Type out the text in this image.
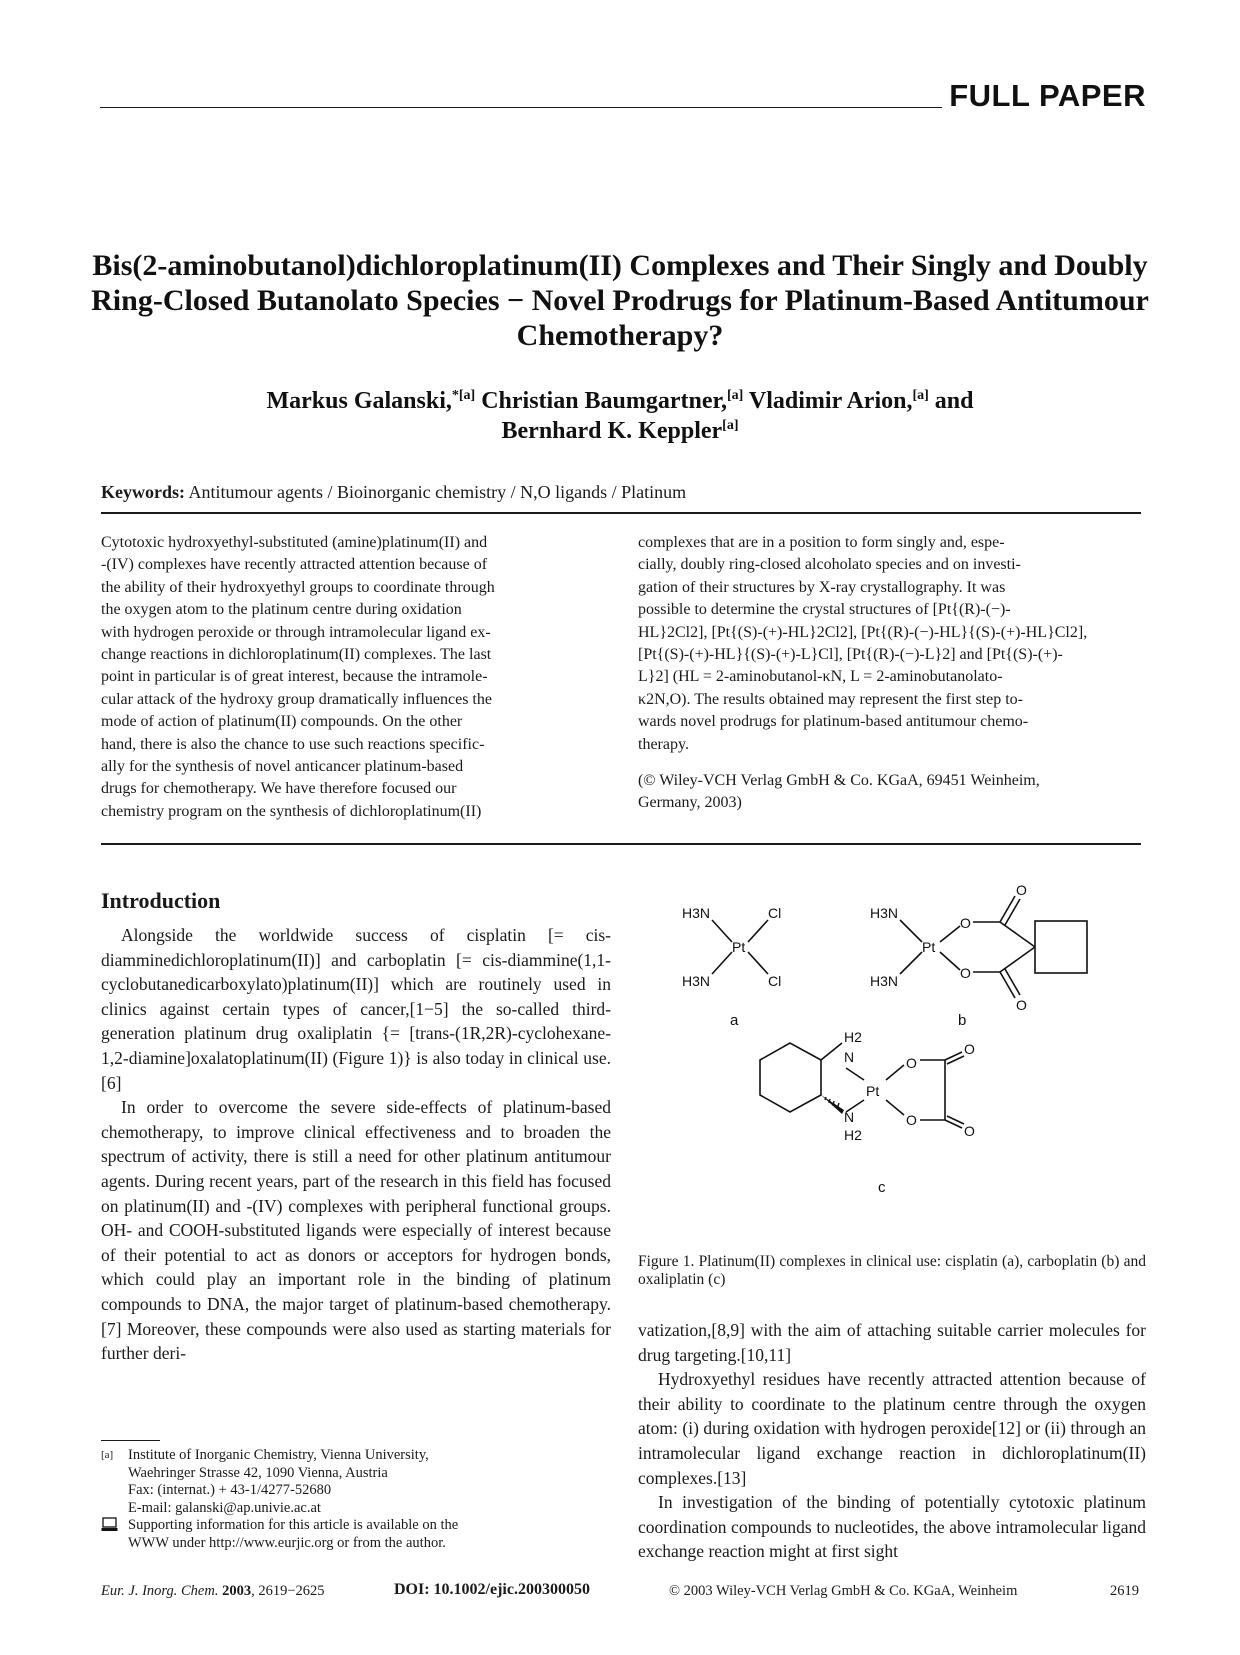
FULL PAPER
Bis(2-aminobutanol)dichloroplatinum(II) Complexes and Their Singly and Doubly Ring-Closed Butanolato Species − Novel Prodrugs for Platinum-Based Antitumour Chemotherapy?
Markus Galanski,$^{*[a]}$ Christian Baumgartner,[a] Vladimir Arion,[a] and
Bernhard K. Keppler[a]
Keywords: Antitumour agents / Bioinorganic chemistry / N,O ligands / Platinum
Cytotoxic hydroxyethyl-substituted (amine)platinum(II) and
-(IV) complexes have recently attracted attention because of
the ability of their hydroxyethyl groups to coordinate through
the oxygen atom to the platinum centre during oxidation
with hydrogen peroxide or through intramolecular ligand ex-
change reactions in dichloroplatinum(II) complexes. The last
point in particular is of great interest, because the intramole-
cular attack of the hydroxy group dramatically influences the
mode of action of platinum(II) compounds. On the other
hand, there is also the chance to use such reactions specific-
ally for the synthesis of novel anticancer platinum-based
drugs for chemotherapy. We have therefore focused our
chemistry program on the synthesis of dichloroplatinum(II)
complexes that are in a position to form singly and, espe-
cially, doubly ring-closed alcoholato species and on investi-
gation of their structures by X-ray crystallography. It was
possible to determine the crystal structures of [Pt{(R)-(−)-
HL}2Cl2], [Pt{(S)-(+)-HL}2Cl2], [Pt{(R)-(−)-HL}{(S)-(+)-HL}Cl2],
[Pt{(S)-(+)-HL}{(S)-(+)-L}Cl], [Pt{(R)-(−)-L}2] and [Pt{(S)-(+)-
L}2] (HL = 2-aminobutanol-κN, L = 2-aminobutanolato-
κ2N,O). The results obtained may represent the first step to-
wards novel prodrugs for platinum-based antitumour chemo-
therapy.
(© Wiley-VCH Verlag GmbH & Co. KGaA, 69451 Weinheim,
Germany, 2003)
Introduction

Alongside the worldwide success of cisplatin [= cis-diamminedichloroplatinum(II)] and carboplatin [= cis-diammine(1,1-cyclobutanedicarboxylato)platinum(II)] which are routinely used in clinics against certain types of cancer,[1−5] the so-called third-generation platinum drug oxaliplatin {= [trans-(1R,2R)-cyclohexane-1,2-diamine]oxalatoplatinum(II) (Figure 1)} is also today in clinical use.[6]

In order to overcome the severe side-effects of platinum-based chemotherapy, to improve clinical effectiveness and to broaden the spectrum of activity, there is still a need for other platinum antitumour agents. During recent years, part of the research in this field has focused on platinum(II) and -(IV) complexes with peripheral functional groups. OH- and COOH-substituted ligands were especially of interest because of their potential to act as donors or acceptors for hydrogen bonds, which could play an important role in the binding of platinum compounds to DNA, the major target of platinum-based chemotherapy.[7] Moreover, these compounds were also used as starting materials for further deri-

vatization,[8,9] with the aim of attaching suitable carrier molecules for drug targeting.[10,11]

Hydroxyethyl residues have recently attracted attention because of their ability to coordinate to the platinum centre through the oxygen atom: (i) during oxidation with hydrogen peroxide[12] or (ii) through an intramolecular ligand exchange reaction in dichloroplatinum(II) complexes.[13]

In investigation of the binding of potentially cytotoxic platinum coordination compounds to nucleotides, the above intramolecular ligand exchange reaction might at first sight

H3N	Cl
Pt
H3N	Cl
a
H3N
Pt
H3N
O
O
O
O
b
H2
N
Pt
N
H2
O
O
O
O
c
Figure 1. Platinum(II) complexes in clinical use: cisplatin (a), carboplatin (b) and oxaliplatin (c)
[a]	Institute of Inorganic Chemistry, Vienna University,
Waehringer Strasse 42, 1090 Vienna, Austria
Fax: (internat.) + 43-1/4277-52680
E-mail: galanski@ap.univie.ac.at
Supporting information for this article is available on the
WWW under http://www.eurjic.org or from the author.
Eur. J. Inorg. Chem. 2003, 2619−2625	DOI: 10.1002/ejic.200300050	© 2003 Wiley-VCH Verlag GmbH & Co. KGaA, Weinheim	2619
